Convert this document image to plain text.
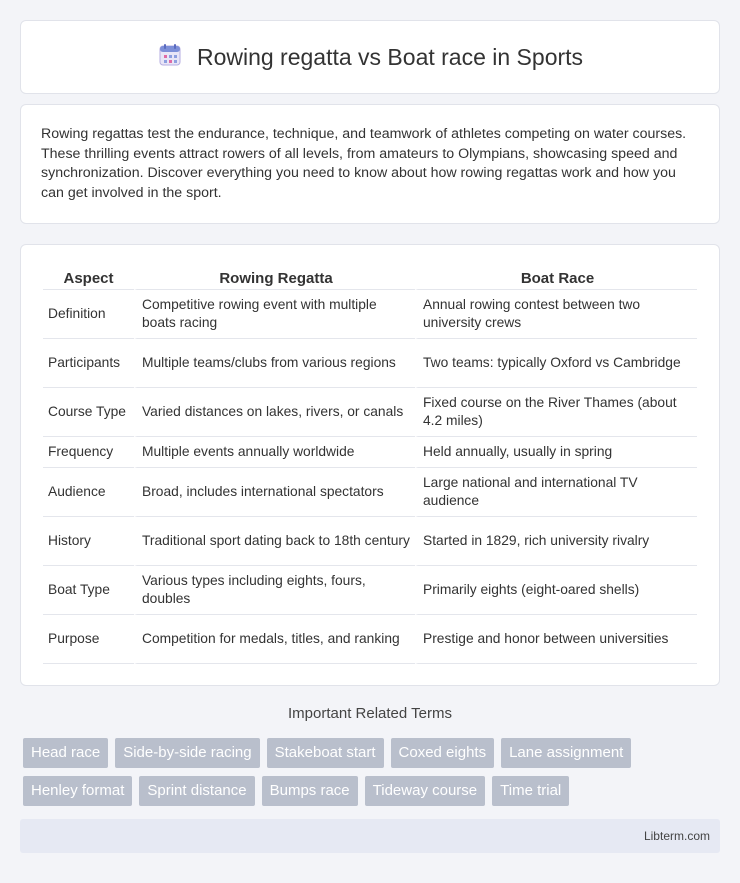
Rowing regatta vs Boat race in Sports

Rowing regattas test the endurance, technique, and teamwork of athletes competing on water courses. These thrilling events attract rowers of all levels, from amateurs to Olympians, showcasing speed and synchronization. Discover everything you need to know about how rowing regattas work and how you can get involved in the sport.

Aspect	Rowing Regatta	Boat Race
Definition	Competitive rowing event with multiple boats racing	Annual rowing contest between two university crews
Participants	Multiple teams/clubs from various regions	Two teams: typically Oxford vs Cambridge
Course Type	Varied distances on lakes, rivers, or canals	Fixed course on the River Thames (about 4.2 miles)
Frequency	Multiple events annually worldwide	Held annually, usually in spring
Audience	Broad, includes international spectators	Large national and international TV audience
History	Traditional sport dating back to 18th century	Started in 1829, rich university rivalry
Boat Type	Various types including eights, fours, doubles	Primarily eights (eight-oared shells)
Purpose	Competition for medals, titles, and ranking	Prestige and honor between universities
Important Related Terms
Head race	Side-by-side racing	Stakeboat start	Coxed eights	Lane assignment
Henley format	Sprint distance	Bumps race	Tideway course	Time trial
Libterm.com
